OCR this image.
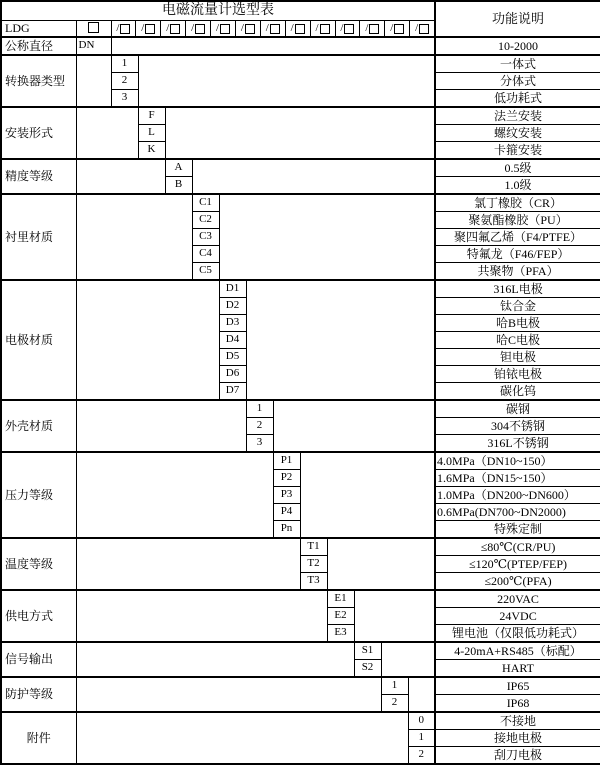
电磁流量计选型表														功能说明
LDG		/	/	/	/	/	/	/	/	/	/	/	/	/

公称直径	DN													10-2000
转换器类型		1												一体式
		2												分体式
		3												低功耗式
安装形式			F											法兰安装
			L											螺纹安装
			K											卡箍安装
精度等级				A										0.5级
				B										1.0级
衬里材质					C1									氯丁橡胶（CR）
					C2									聚氨酯橡胶（PU）
					C3									聚四氟乙烯（F4/PTFE）
					C4									特氟龙（F46/FEP）
					C5									共聚物（PFA）
电极材质						D1								316L电极
						D2								钛合金
						D3								哈B电极
						D4								哈C电极
						D5								钽电极
						D6								铂铱电极
						D7								碳化钨
外壳材质							1							碳钢
							2							304不锈钢
							3							316L不锈钢
压力等级								P1						4.0MPa（DN10~150）
								P2						1.6MPa（DN15~150）
								P3						1.0MPa（DN200~DN600）
								P4						0.6MPa(DN700~DN2000)
								Pn						特殊定制
温度等级									T1					≤80℃(CR/PU)
									T2					≤120℃(PTEP/FEP)
									T3					≤200℃(PFA)
供电方式										E1				220VAC
										E2				24VDC
										E3				锂电池（仅限低功耗式）
信号输出											S1			4-20mA+RS485（标配）
											S2			HART
防护等级												1		IP65
												2		IP68
附件													0	不接地
													1	接地电极
													2	刮刀电极
